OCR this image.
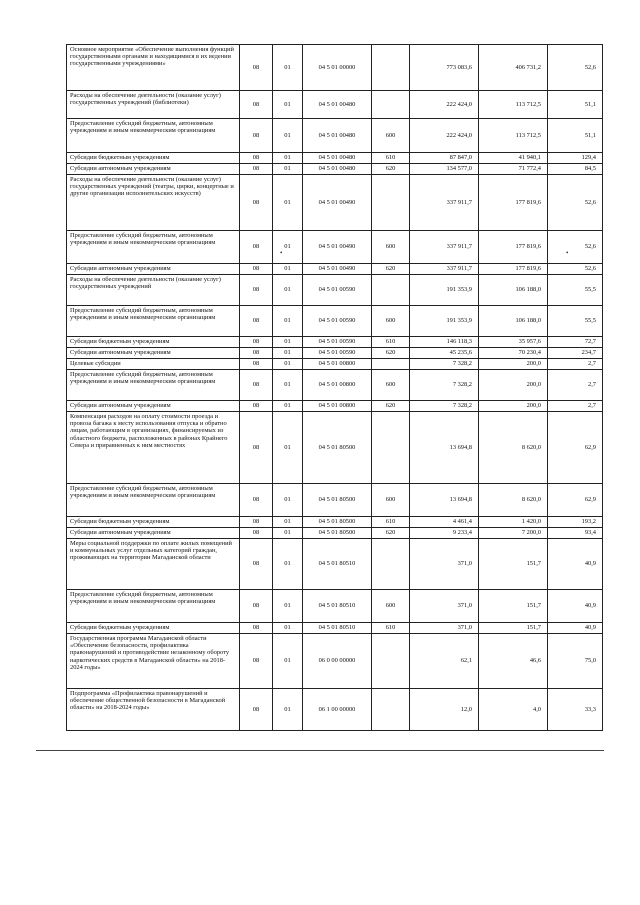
Основное мероприятие «Обеспечение выполнения функций государственными органами и находящимися в их ведении государственными учреждениями»	08	01	04 5 01 00000		773 083,6	406 731,2	52,6
Расходы на обеспечение деятельности (оказание услуг) государственных учреждений (библиотеки)	08	01	04 5 01 00480		222 424,0	113 712,5	51,1
Предоставление субсидий бюджетным, автономным учреждениям и иным некоммерческим организациям	08	01	04 5 01 00480	600	222 424,0	113 712,5	51,1
Субсидии бюджетным учреждениям	08	01	04 5 01 00480	610	87 847,0	41 940,1	129,4
Субсидии автономным учреждениям	08	01	04 5 01 00480	620	134 577,0	71 772,4	84,5
Расходы на обеспечение деятельности (оказание услуг) государственных учреждений (театры, цирки, концертные и другие организации исполнительских искусств)	08	01	04 5 01 00490		337 911,7	177 819,6	52,6
Предоставление субсидий бюджетным, автономным учреждениям и иным некоммерческим организациям	08	01	04 5 01 00490	600	337 911,7	177 819,6	52,6
Субсидии автономным учреждениям	08	01	04 5 01 00490	620	337 911,7	177 819,6	52,6
Расходы на обеспечение деятельности (оказание услуг) государственных учреждений	08	01	04 5 01 00590		191 353,9	106 188,0	55,5
Предоставление субсидий бюджетным, автономным учреждениям и иным некоммерческим организациям	08	01	04 5 01 00590	600	191 353,9	106 188,0	55,5
Субсидии бюджетным учреждениям	08	01	04 5 01 00590	610	146 118,3	35 957,6	72,7
Субсидии автономным учреждениям	08	01	04 5 01 00590	620	45 235,6	70 230,4	234,7
Целевые субсидии	08	01	04 5 01 00800		7 328,2	200,0	2,7
Предоставление субсидий бюджетным, автономным учреждениям и иным некоммерческим организациям	08	01	04 5 01 00800	600	7 328,2	200,0	2,7
Субсидии автономным учреждениям	08	01	04 5 01 00800	620	7 328,2	200,0	2,7
Компенсация расходов на оплату стоимости проезда и провоза багажа к месту использования отпуска и обратно лицам, работающим в организациях, финансируемых из областного бюджета, расположенных в районах Крайнего Севера и приравненных к ним местностях	08	01	04 5 01 80500		13 694,8	8 620,0	62,9
Предоставление субсидий бюджетным, автономным учреждениям и иным некоммерческим организациям	08	01	04 5 01 80500	600	13 694,8	8 620,0	62,9
Субсидии бюджетным учреждениям	08	01	04 5 01 80500	610	4 461,4	1 420,0	193,2
Субсидии автономным учреждениям	08	01	04 5 01 80500	620	9 233,4	7 200,0	93,4
Меры социальной поддержки по оплате жилых помещений и коммунальных услуг отдельных категорий граждан, проживающих на территории Магаданской области	08	01	04 5 01 80510		371,0	151,7	40,9
Предоставление субсидий бюджетным, автономным учреждениям и иным некоммерческим организациям	08	01	04 5 01 80510	600	371,0	151,7	40,9
Субсидии бюджетным учреждениям	08	01	04 5 01 80510	610	371,0	151,7	40,9
Государственная программа Магаданской области «Обеспечение безопасности, профилактика правонарушений и противодействие незаконному обороту наркотических средств в Магаданской области» на 2018-2024 годы»	08	01	06 0 00 00000		62,1	46,6	75,0
Подпрограмма «Профилактика правонарушений и обеспечение общественной безопасности в Магаданской области» на 2018-2024 годы»	08	01	06 1 00 00000		12,0	4,0	33,3
•	•
